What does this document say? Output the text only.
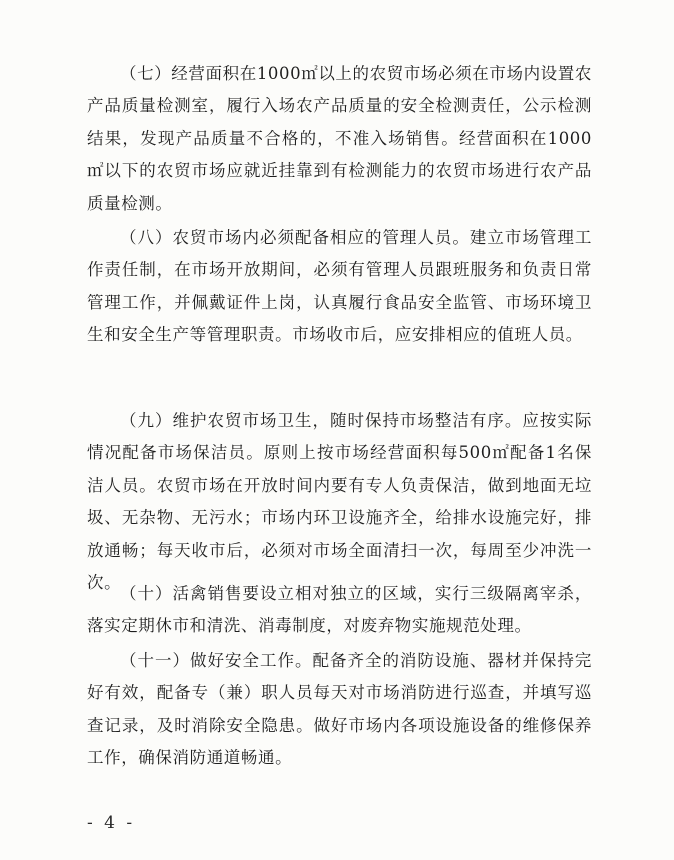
（七）经营面积在1000㎡以上的农贸市场必须在市场内设置农产品质量检测室，履行入场农产品质量的安全检测责任，公示检测结果，发现产品质量不合格的，不准入场销售。经营面积在1000㎡以下的农贸市场应就近挂靠到有检测能力的农贸市场进行农产品质量检测。

（八）农贸市场内必须配备相应的管理人员。建立市场管理工作责任制，在市场开放期间，必须有管理人员跟班服务和负责日常管理工作，并佩戴证件上岗，认真履行食品安全监管、市场环境卫生和安全生产等管理职责。市场收市后，应安排相应的值班人员。

（九）维护农贸市场卫生，随时保持市场整洁有序。应按实际情况配备市场保洁员。原则上按市场经营面积每500㎡配备1名保洁人员。农贸市场在开放时间内要有专人负责保洁，做到地面无垃圾、无杂物、无污水；市场内环卫设施齐全，给排水设施完好，排放通畅；每天收市后，必须对市场全面清扫一次，每周至少冲洗一次。

（十）活禽销售要设立相对独立的区域，实行三级隔离宰杀，落实定期休市和清洗、消毒制度，对废弃物实施规范处理。

（十一）做好安全工作。配备齐全的消防设施、器材并保持完好有效，配备专（兼）职人员每天对市场消防进行巡查，并填写巡查记录，及时消除安全隐患。做好市场内各项设施设备的维修保养工作，确保消防通道畅通。

- 4 -
